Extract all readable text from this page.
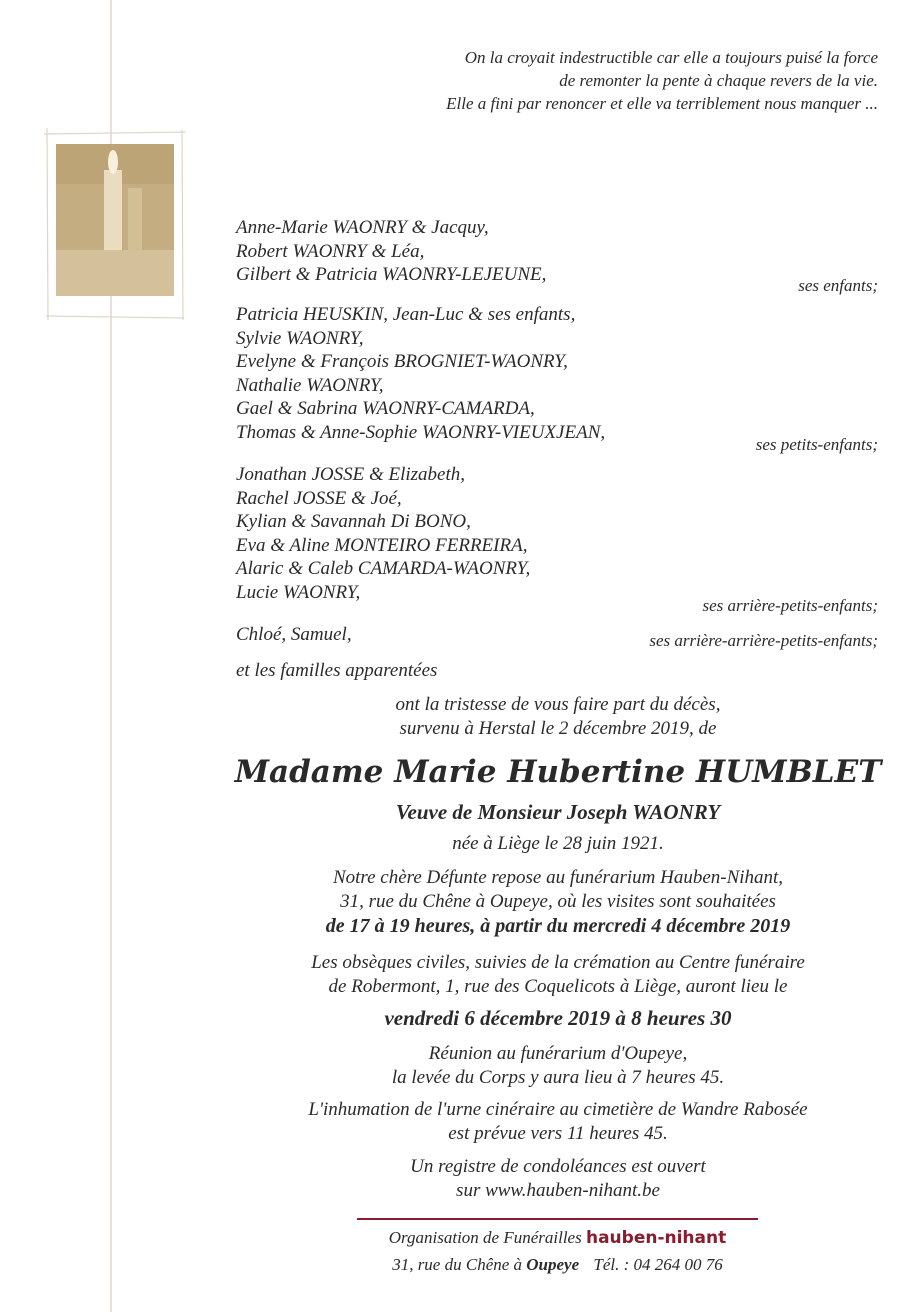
On la croyait indestructible car elle a toujours puisé la force
de remonter la pente à chaque revers de la vie.
Elle a fini par renoncer et elle va terriblement nous manquer ...
Anne-Marie WAONRY & Jacquy,
Robert WAONRY & Léa,
Gilbert & Patricia WAONRY-LEJEUNE,
ses enfants;
Patricia HEUSKIN, Jean-Luc & ses enfants,
Sylvie WAONRY,
Evelyne & François BROGNIET-WAONRY,
Nathalie WAONRY,
Gael & Sabrina WAONRY-CAMARDA,
Thomas & Anne-Sophie WAONRY-VIEUXJEAN,
ses petits-enfants;
Jonathan JOSSE & Elizabeth,
Rachel JOSSE & Joé,
Kylian & Savannah Di BONO,
Eva & Aline MONTEIRO FERREIRA,
Alaric & Caleb CAMARDA-WAONRY,
Lucie WAONRY,
ses arrière-petits-enfants;
Chloé, Samuel,	ses arrière-arrière-petits-enfants;
et les familles apparentées
ont la tristesse de vous faire part du décès,
survenu à Herstal le 2 décembre 2019, de
Madame Marie Hubertine HUMBLET
Veuve de Monsieur Joseph WAONRY
née à Liège le 28 juin 1921.
Notre chère Défunte repose au funérarium Hauben-Nihant,
31, rue du Chêne à Oupeye, où les visites sont souhaitées
de 17 à 19 heures, à partir du mercredi 4 décembre 2019
Les obsèques civiles, suivies de la crémation au Centre funéraire
de Robermont, 1, rue des Coquelicots à Liège, auront lieu le
vendredi 6 décembre 2019 à 8 heures 30
Réunion au funérarium d'Oupeye,
la levée du Corps y aura lieu à 7 heures 45.
L'inhumation de l'urne cinéraire au cimetière de Wandre Rabosée
est prévue vers 11 heures 45.
Un registre de condoléances est ouvert
sur www.hauben-nihant.be
Organisation de Funérailles hauben-nihant
31, rue du Chêne à Oupeye Tél. : 04 264 00 76
